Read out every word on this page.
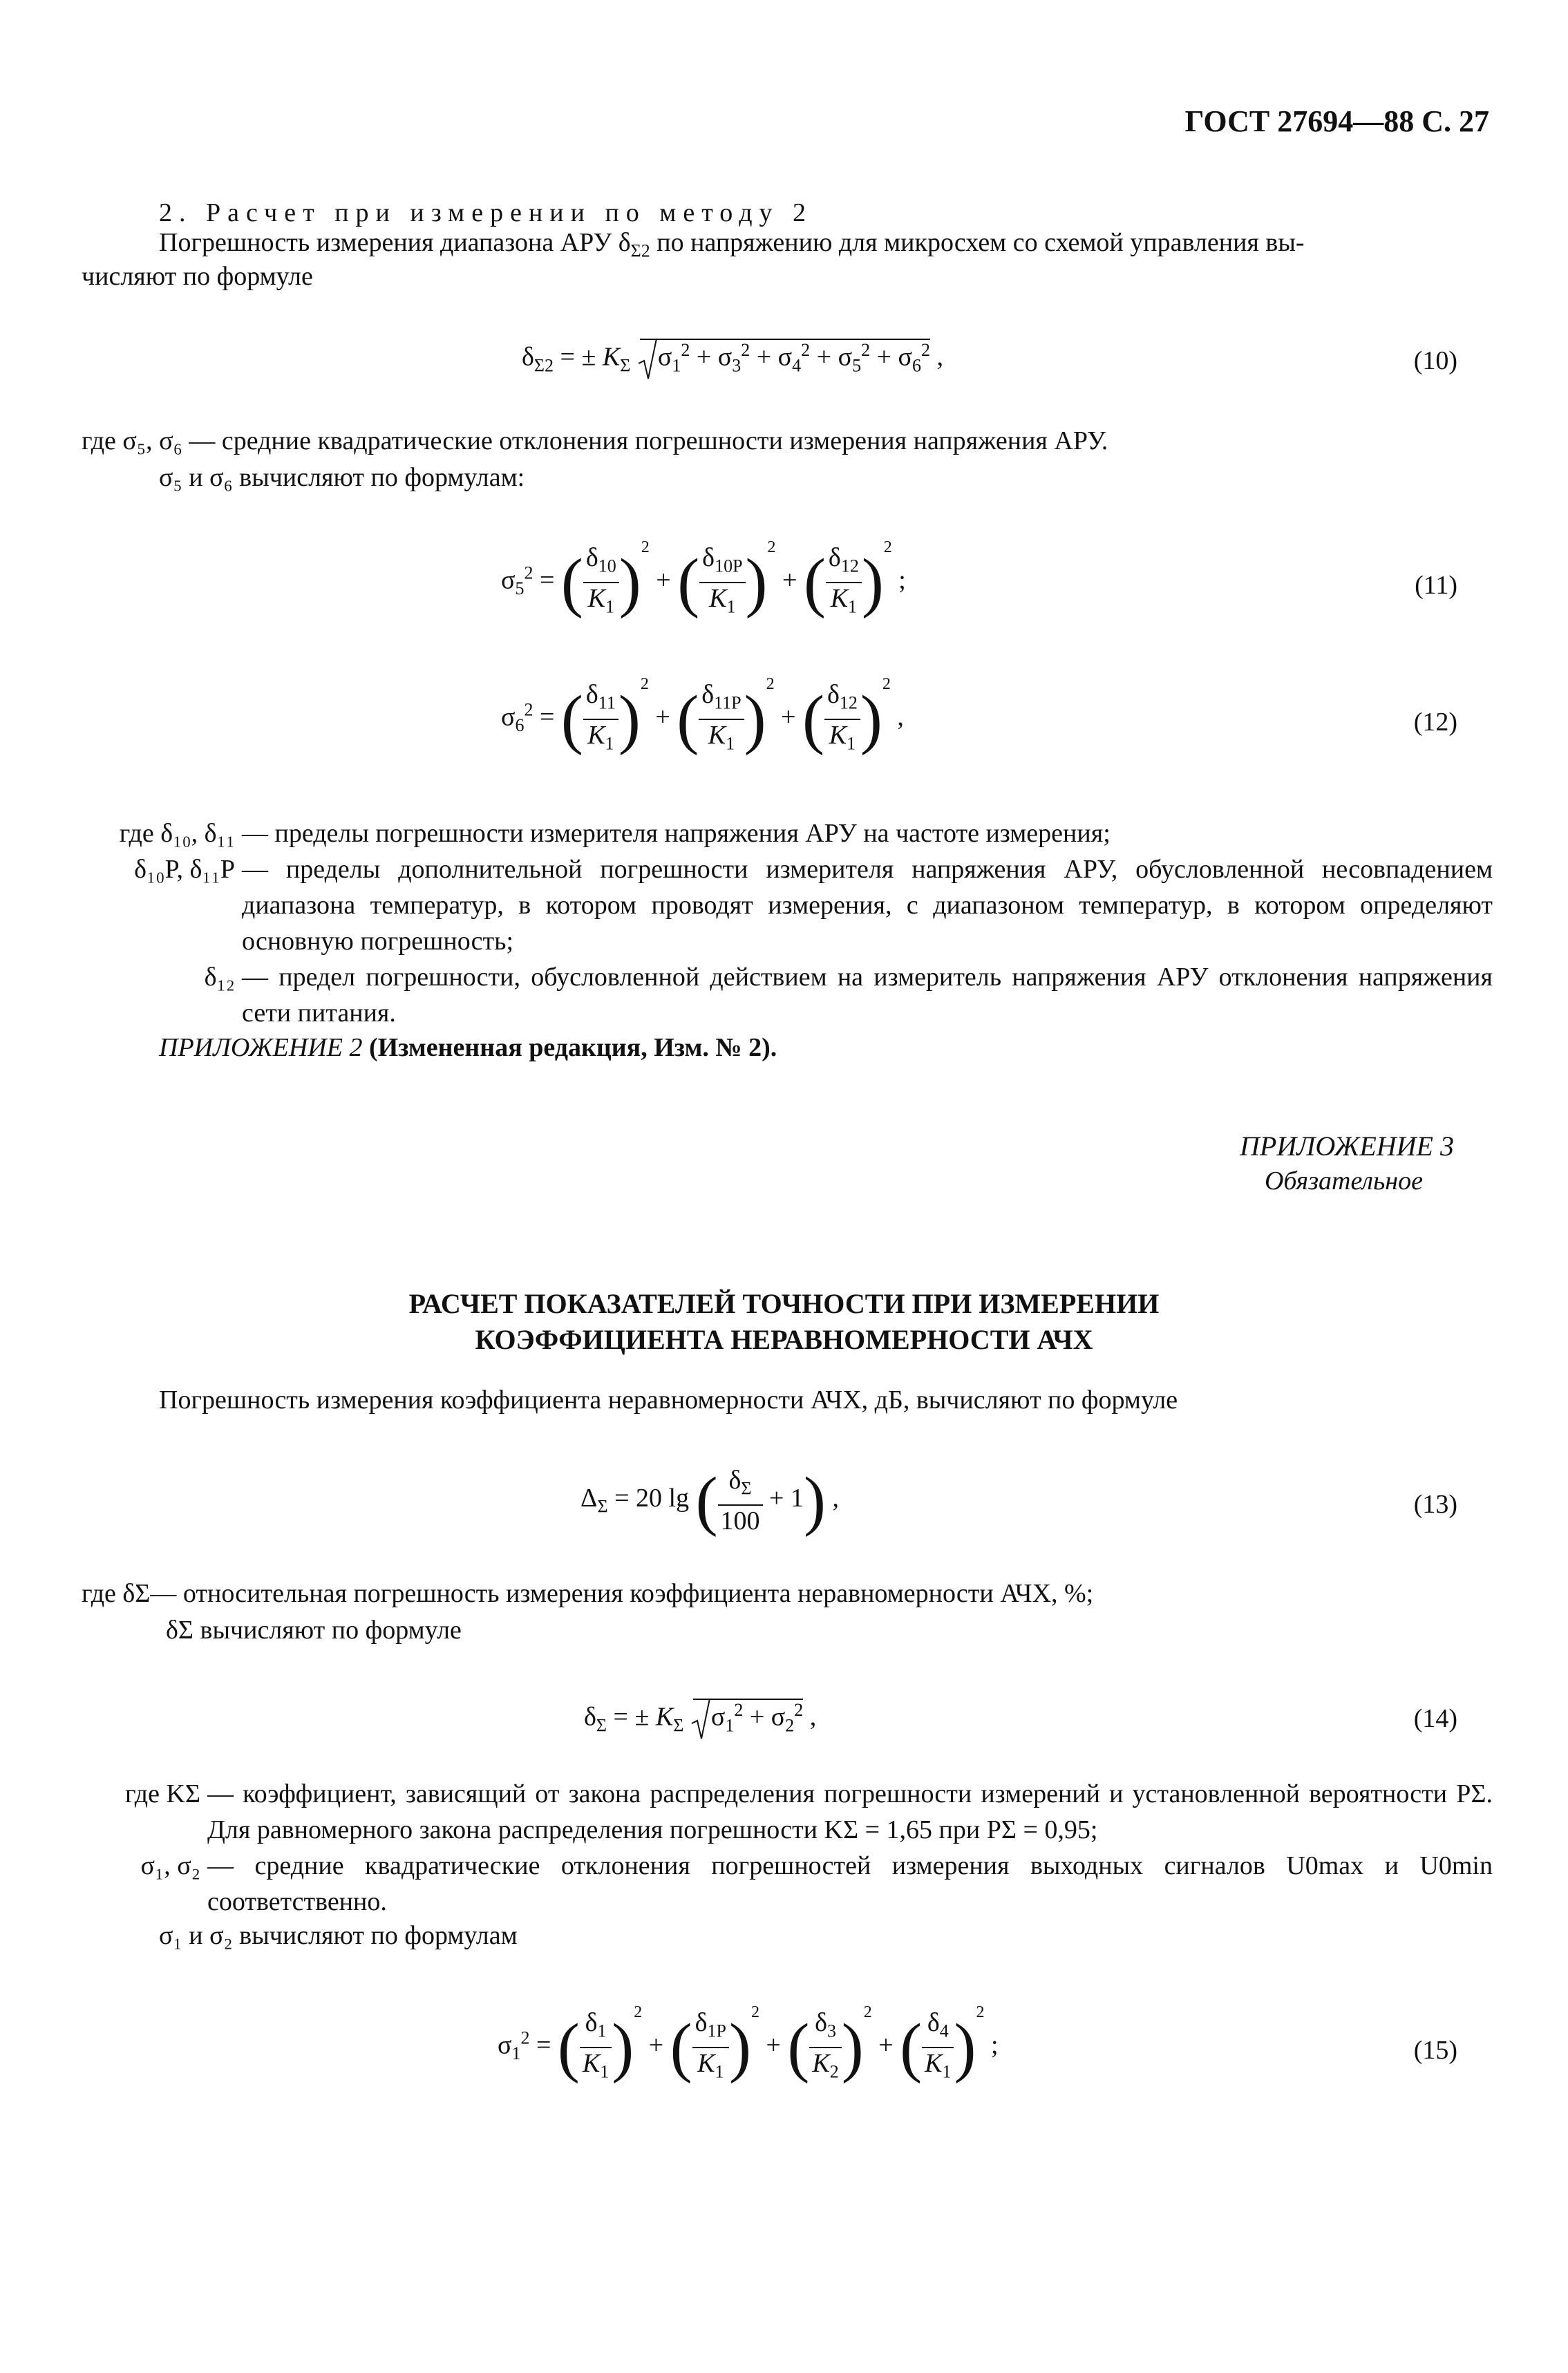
ГОСТ 27694—88 С. 27
2. Расчет при измерении по методу 2
Погрешность измерения диапазона АРУ $\delta_{\Sigma 2}$ по напряжению для микросхем со схемой управления вы-
числяют по формуле
$\delta_{\Sigma 2}$ = ± $K_\Sigma$
$\sigma_1^2 + \sigma_3^2 + \sigma_4^2 + \sigma_5^2 + \sigma_6^2$ ,	(10)
где σ₅, σ₆ — средние квадратические отклонения погрешности измерения напряжения АРУ.
σ₅ и σ₆ вычисляют по формулам:
$\sigma_5^2$ = ( $\frac{\delta_{10}}{K_1} )^2$ + ( $\frac{\delta_{10P}}{K_1} )^2$ + ( $\frac{\delta_{12}}{K_1} )^2$ ;	(11)
$\sigma_6^2$ = ( $\frac{\delta_{11}}{K_1} )^2$ + ( $\frac{\delta_{11P}}{K_1} )^2$ + ( $\frac{\delta_{12}}{K_1} )^2$ ,	(12)
где δ₁₀, δ₁₁ — пределы погрешности измерителя напряжения АРУ на частоте измерения;
δ₁₀P, δ₁₁P — пределы дополнительной погрешности измерителя напряжения АРУ, обусловленной несовпадением диапазона температур, в котором проводят измерения, с диапазоном температур, в котором определяют основную погрешность;
δ₁₂ — предел погрешности, обусловленной действием на измеритель напряжения АРУ отклонения напряжения сети питания.
ПРИЛОЖЕНИЕ 2 (Измененная редакция, Изм. № 2).
ПРИЛОЖЕНИЕ 3
Обязательное
РАСЧЕТ ПОКАЗАТЕЛЕЙ ТОЧНОСТИ ПРИ ИЗМЕРЕНИИ
КОЭФФИЦИЕНТА НЕРАВНОМЕРНОСТИ АЧХ
Погрешность измерения коэффициента неравномерности АЧХ, дБ, вычисляют по формуле
$\Delta_\Sigma = 20$ lg ( $\frac{\delta_\Sigma}{100} + 1$) ,	(13)
где δΣ— относительная погрешность измерения коэффициента неравномерности АЧХ, %;
δΣ вычисляют по формуле
$\delta_\Sigma$ = ± $K_\Sigma$
$\sigma_1^2 + \sigma_2^2$ ,	(14)
где KΣ — коэффициент, зависящий от закона распределения погрешности измерений и установленной вероятности PΣ. Для равномерного закона распределения погрешности KΣ = 1,65 при PΣ = 0,95;
σ₁, σ₂ — средние квадратические отклонения погрешностей измерения выходных сигналов U0max и U0min соответственно.
σ₁ и σ₂ вычисляют по формулам
$\sigma_1^2$ = ( $\frac{\delta_1}{K_1} )^2$ + ( $\frac{\delta_{1P}}{K_1} )^2$ + ( $\frac{\delta_3}{K_2} )^2$ + ( $\frac{\delta_4}{K_1} )^2$ ;	(15)
